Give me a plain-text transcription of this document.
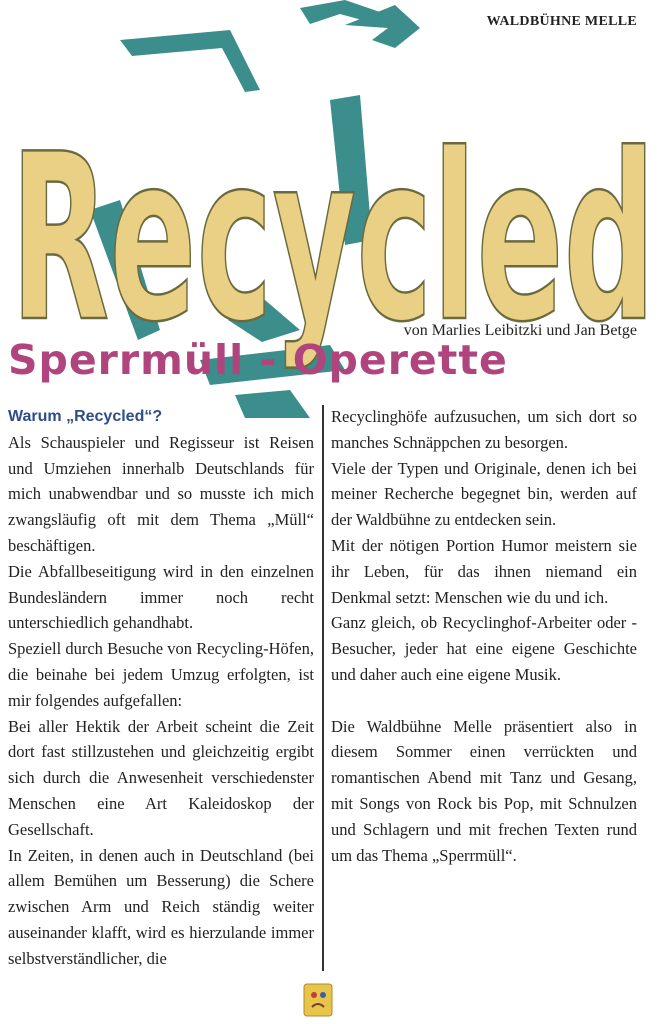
WALDBÜHNE MELLE
Recycled
von Marlies Leibitzki und Jan Betge
Sperrmüll - Operette

Warum „Recycled“?

Als Schauspieler und Regisseur ist Reisen und Umziehen innerhalb Deutschlands für mich unabwendbar und so musste ich mich zwangsläufig oft mit dem Thema „Müll“ beschäftigen.

Die Abfallbeseitigung wird in den einzelnen Bundesländern immer noch recht unterschiedlich gehandhabt.

Speziell durch Besuche von Recycling-Höfen, die beinahe bei jedem Umzug erfolgten, ist mir folgendes aufgefallen:

Bei aller Hektik der Arbeit scheint die Zeit dort fast stillzustehen und gleichzeitig ergibt sich durch die Anwesenheit verschiedenster Menschen eine Art Kaleidoskop der Gesellschaft.

In Zeiten, in denen auch in Deutschland (bei allem Bemühen um Besserung) die Schere zwischen Arm und Reich ständig weiter auseinander klafft, wird es hierzulande immer selbstverständlicher, die

Recyclinghöfe aufzusuchen, um sich dort so manches Schnäppchen zu besorgen.

Viele der Typen und Originale, denen ich bei meiner Recherche begegnet bin, werden auf der Waldbühne zu entdecken sein.

Mit der nötigen Portion Humor meistern sie ihr Leben, für das ihnen niemand ein Denkmal setzt: Menschen wie du und ich.

Ganz gleich, ob Recyclinghof-Arbeiter oder -Besucher, jeder hat eine eigene Geschichte und daher auch eine eigene Musik.

Die Waldbühne Melle präsentiert also in diesem Sommer einen verrückten und romantischen Abend mit Tanz und Gesang, mit Songs von Rock bis Pop, mit Schnulzen und Schlagern und mit frechen Texten rund um das Thema „Sperrmüll“.
